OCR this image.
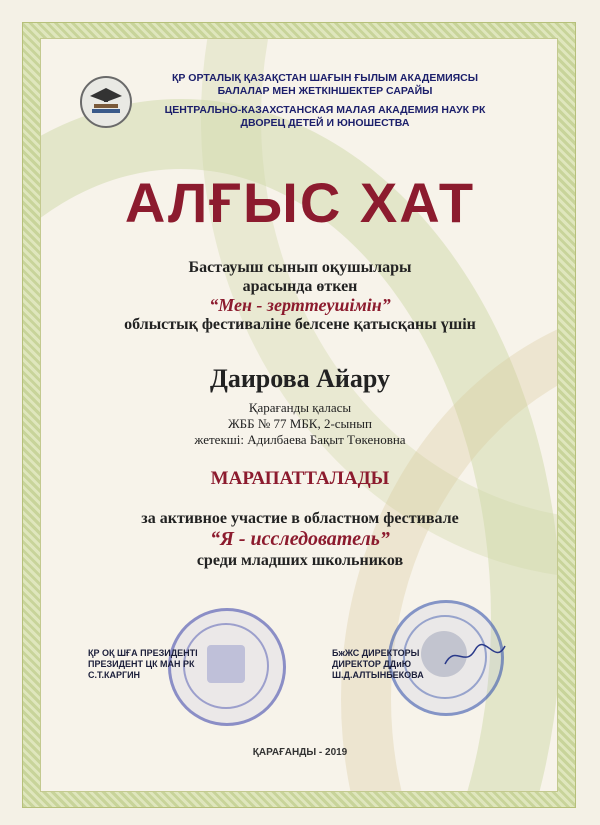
ҚР ОРТАЛЫҚ ҚАЗАҚСТАН ШАҒЫН ҒЫЛЫМ АКАДЕМИЯСЫ
БАЛАЛАР МЕН ЖЕТКІНШЕКТЕР САРАЙЫ
ЦЕНТРАЛЬНО-КАЗАХСТАНСКАЯ МАЛАЯ АКАДЕМИЯ НАУК РК
ДВОРЕЦ ДЕТЕЙ И ЮНОШЕСТВА
АЛҒЫС ХАТ
Бастауыш сынып оқушылары
арасында өткен
“Мен - зерттеушімін”
облыстық фестиваліне белсене қатысқаны үшін
Даирова Айару
Қарағанды қаласы
ЖББ № 77 МБК, 2-сынып
жетекші: Адилбаева Бақыт Төкеновна
МАРАПАТТАЛАДЫ
за активное участие в областном фестивале
“Я - исследователь”
среди младших школьников
ҚР ОҚ ШҒА ПРЕЗИДЕНТІ
ПРЕЗИДЕНТ ЦК МАН РК
С.Т.КАРГИН
БжЖС ДИРЕКТОРЫ
ДИРЕКТОР ДДиЮ
Ш.Д.АЛТЫНБЕКОВА
ҚАРАҒАНДЫ - 2019
